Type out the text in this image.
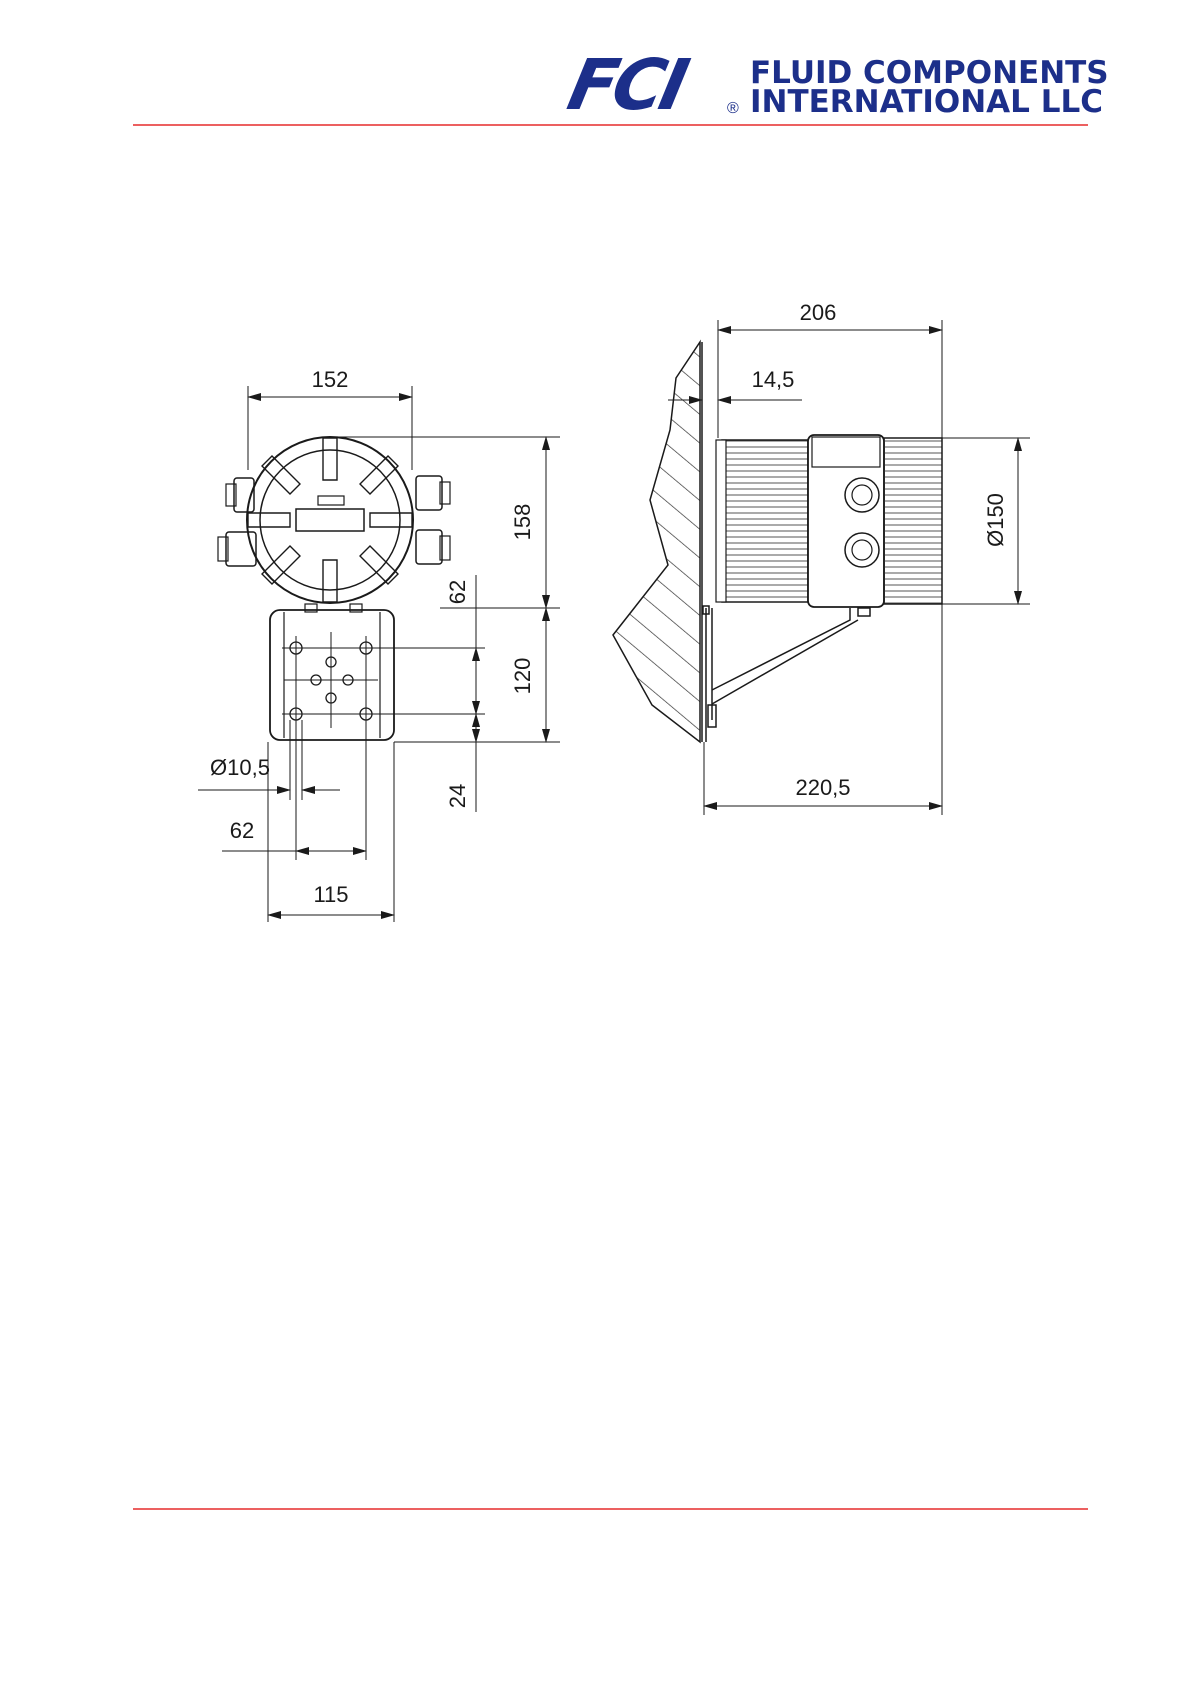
FCI ®
FLUID COMPONENTS
INTERNATIONAL LLC
152
158
62
120
24
Ø10,5
62
115
206
14,5
Ø150
220,5
